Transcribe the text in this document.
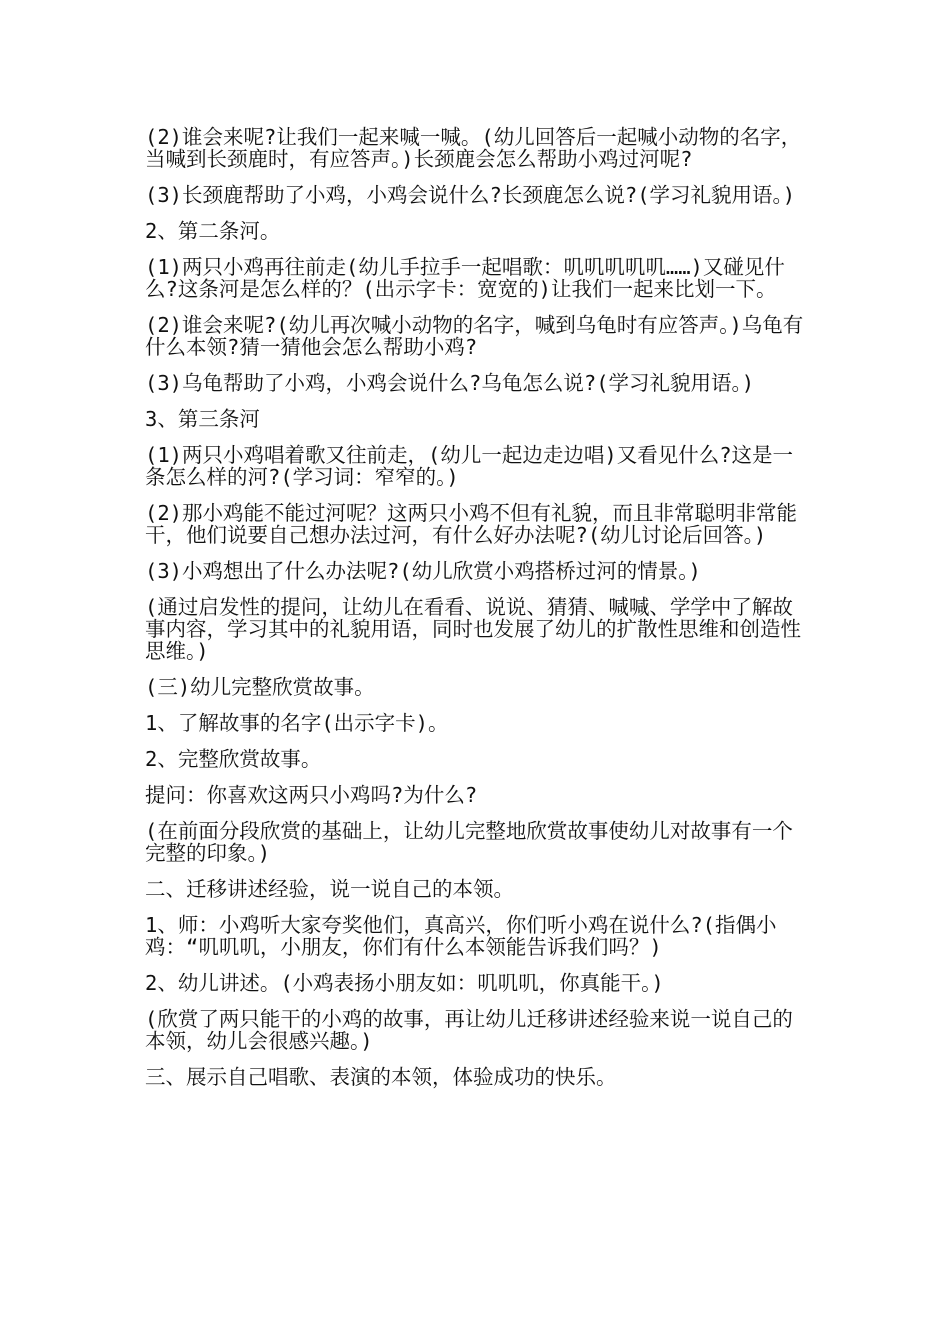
(2)谁会来呢?让我们一起来喊一喊。(幼儿回答后一起喊小动物的名字，当喊到长颈鹿时，有应答声。)长颈鹿会怎么帮助小鸡过河呢?

(3)长颈鹿帮助了小鸡，小鸡会说什么?长颈鹿怎么说?(学习礼貌用语。)

2、第二条河。

(1)两只小鸡再往前走(幼儿手拉手一起唱歌：叽叽叽叽叽……)又碰见什么?这条河是怎么样的？(出示字卡：宽宽的)让我们一起来比划一下。

(2)谁会来呢?(幼儿再次喊小动物的名字，喊到乌龟时有应答声。)乌龟有什么本领?猜一猜他会怎么帮助小鸡?

(3)乌龟帮助了小鸡，小鸡会说什么?乌龟怎么说?(学习礼貌用语。)

3、第三条河

(1)两只小鸡唱着歌又往前走，(幼儿一起边走边唱)又看见什么?这是一条怎么样的河?(学习词：窄窄的。)

(2)那小鸡能不能过河呢？这两只小鸡不但有礼貌，而且非常聪明非常能干，他们说要自己想办法过河，有什么好办法呢?(幼儿讨论后回答。)

(3)小鸡想出了什么办法呢?(幼儿欣赏小鸡搭桥过河的情景。)

(通过启发性的提问，让幼儿在看看、说说、猜猜、喊喊、学学中了解故事内容，学习其中的礼貌用语，同时也发展了幼儿的扩散性思维和创造性思维。)

(三)幼儿完整欣赏故事。

1、了解故事的名字(出示字卡)。

2、完整欣赏故事。

提问：你喜欢这两只小鸡吗?为什么?

(在前面分段欣赏的基础上，让幼儿完整地欣赏故事使幼儿对故事有一个完整的印象。)

二、迁移讲述经验，说一说自己的本领。

1、师：小鸡听大家夸奖他们，真高兴，你们听小鸡在说什么?(指偶小鸡：“叽叽叽，小朋友，你们有什么本领能告诉我们吗？)

2、幼儿讲述。(小鸡表扬小朋友如：叽叽叽，你真能干。)

(欣赏了两只能干的小鸡的故事，再让幼儿迁移讲述经验来说一说自己的本领，幼儿会很感兴趣。)

三、展示自己唱歌、表演的本领，体验成功的快乐。
